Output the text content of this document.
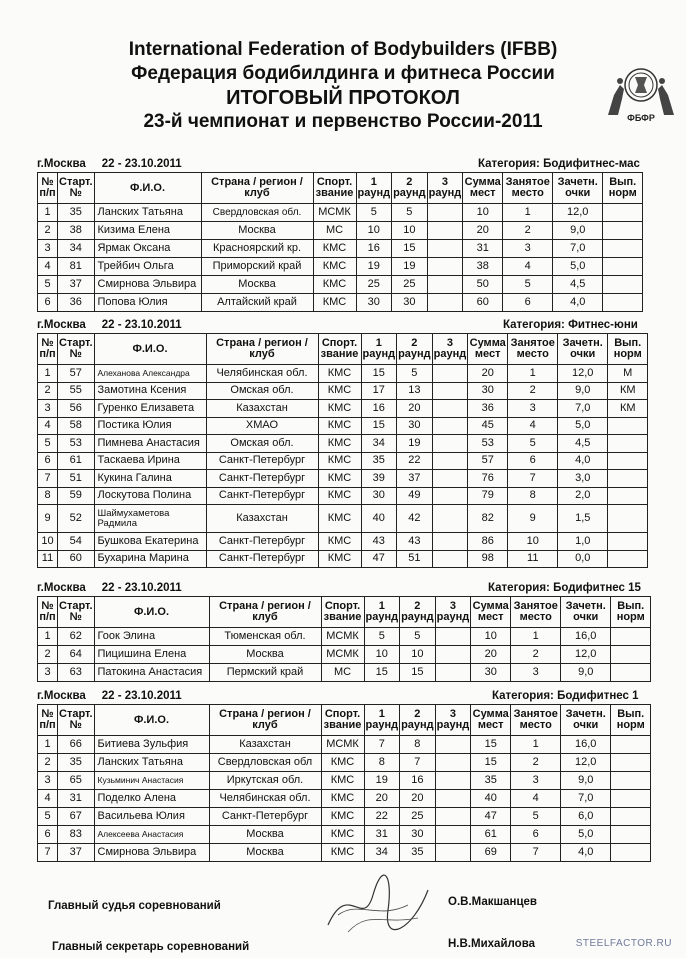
International Federation of Bodybuilders (IFBB)
Федерация бодибилдинга и фитнеса России
ИТОГОВЫЙ ПРОТОКОЛ
23-й чемпионат и первенство России-2011	ФБФР
г.Москва     22 - 23.10.2011	Категория: Бодифитнес-мас
№ п/п	Старт. №	Ф.И.О.	Страна / регион / клуб	Спорт. звание	1 раунд	2 раунд	3 раунд	Сумма мест	Занятое место	Зачетн. очки	Вып. норм
1	35	Ланских Татьяна	Свердловская обл.	МСМК	5	5		10	1	12,0	
2	38	Кизима Елена	Москва	МС	10	10		20	2	9,0	
3	34	Ярмак Оксана	Красноярский кр.	КМС	16	15		31	3	7,0	
4	81	Трейбич Ольга	Приморский край	КМС	19	19		38	4	5,0	
5	37	Смирнова Эльвира	Москва	КМС	25	25		50	5	4,5	
6	36	Попова Юлия	Алтайский край	КМС	30	30		60	6	4,0	
г.Москва     22 - 23.10.2011	Категория: Фитнес-юни
№ п/п	Старт. №	Ф.И.О.	Страна / регион / клуб	Спорт. звание	1 раунд	2 раунд	3 раунд	Сумма мест	Занятое место	Зачетн. очки	Вып. норм
1	57	Алеханова Александра	Челябинская обл.	КМС	15	5		20	1	12,0	М
2	55	Замотина Ксения	Омская обл.	КМС	17	13		30	2	9,0	КМ
3	56	Гуренко Елизавета	Казахстан	КМС	16	20		36	3	7,0	КМ
4	58	Постика Юлия	ХМАО	КМС	15	30		45	4	5,0	
5	53	Пимнева Анастасия	Омская обл.	КМС	34	19		53	5	4,5	
6	61	Таскаева Ирина	Санкт-Петербург	КМС	35	22		57	6	4,0	
7	51	Кукина Галина	Санкт-Петербург	КМС	39	37		76	7	3,0	
8	59	Лоскутова Полина	Санкт-Петербург	КМС	30	49		79	8	2,0	
9	52	Шаймухаметова Радмила	Казахстан	КМС	40	42		82	9	1,5	
10	54	Бушкова Екатерина	Санкт-Петербург	КМС	43	43		86	10	1,0	
11	60	Бухарина Марина	Санкт-Петербург	КМС	47	51		98	11	0,0	
г.Москва     22 - 23.10.2011	Категория: Бодифитнес 15
№ п/п	Старт. №	Ф.И.О.	Страна / регион / клуб	Спорт. звание	1 раунд	2 раунд	3 раунд	Сумма мест	Занятое место	Зачетн. очки	Вып. норм
1	62	Гоок Элина	Тюменская обл.	МСМК	5	5		10	1	16,0	
2	64	Пицишина Елена	Москва	МСМК	10	10		20	2	12,0	
3	63	Патокина Анастасия	Пермский край	МС	15	15		30	3	9,0	
г.Москва     22 - 23.10.2011	Категория: Бодифитнес 1
№ п/п	Старт. №	Ф.И.О.	Страна / регион / клуб	Спорт. звание	1 раунд	2 раунд	3 раунд	Сумма мест	Занятое место	Зачетн. очки	Вып. норм
1	66	Битиева Зульфия	Казахстан	МСМК	7	8		15	1	16,0	
2	35	Ланских Татьяна	Свердловская обл	КМС	8	7		15	2	12,0	
3	65	Кузьминич Анастасия	Иркутская обл.	КМС	19	16		35	3	9,0	
4	31	Поделко Алена	Челябинская обл.	КМС	20	20		40	4	7,0	
5	67	Васильева Юлия	Санкт-Петербург	КМС	22	25		47	5	6,0	
6	83	Алексеева Анастасия	Москва	КМС	31	30		61	6	5,0	
7	37	Смирнова Эльвира	Москва	КМС	34	35		69	7	4,0	
Главный судья соревнований	О.В.Макшанцев
Главный секретарь соревнований	Н.В.Михайлова	STEELFACTOR.RU
